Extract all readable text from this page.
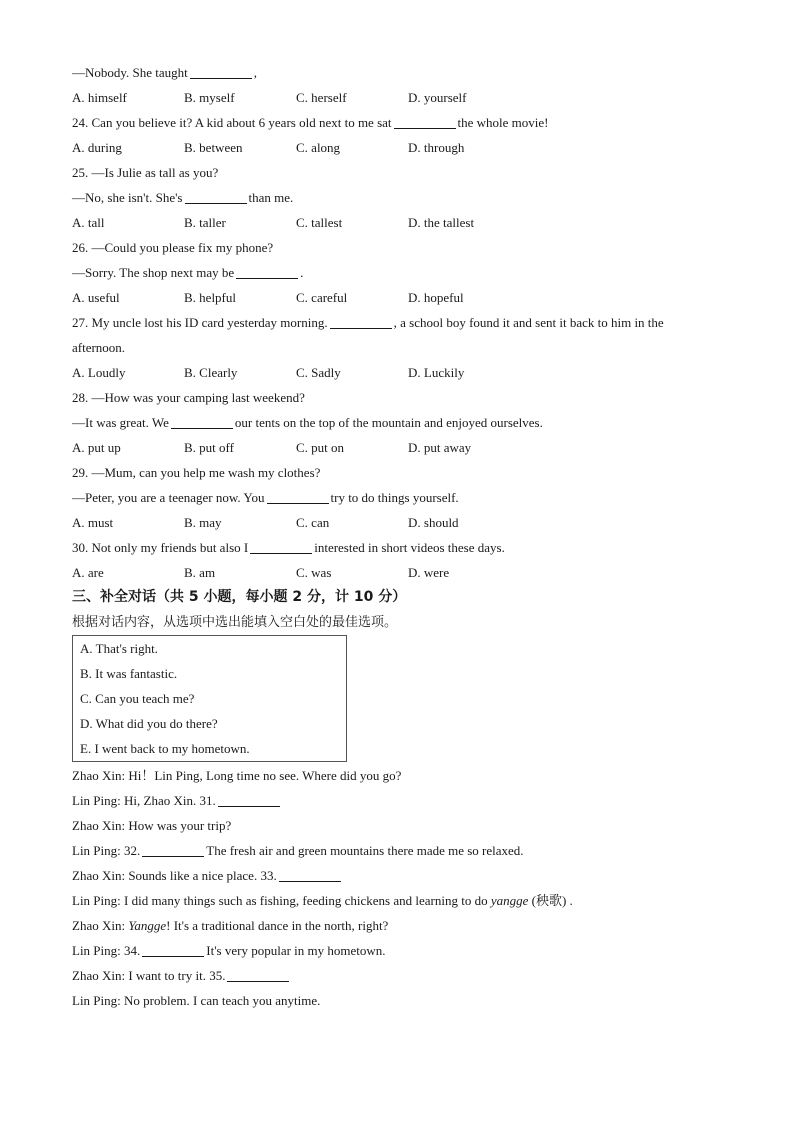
—Nobody. She taught	,
A. himself	B. myself	C. herself	D. yourself
24. Can you believe it? A kid about 6 years old next to me sat	the whole movie!
A. during	B. between	C. along	D. through
25. —Is Julie as tall as you?
—No, she isn't. She's	than me.
A. tall	B. taller	C. tallest	D. the tallest
26. —Could you please fix my phone?
—Sorry. The shop next may be	.
A. useful	B. helpful	C. careful	D. hopeful
27. My uncle lost his ID card yesterday morning.	, a school boy found it and sent it back to him in the
afternoon.
A. Loudly	B. Clearly	C. Sadly	D. Luckily
28. —How was your camping last weekend?
—It was great. We	our tents on the top of the mountain and enjoyed ourselves.
A. put up	B. put off	C. put on	D. put away
29. —Mum, can you help me wash my clothes?
—Peter, you are a teenager now. You	try to do things yourself.
A. must	B. may	C. can	D. should
30. Not only my friends but also I	interested in short videos these days.
A. are	B. am	C. was	D. were
三、补全对话（共 5 小题，每小题 2 分，计 10 分）
根据对话内容，从选项中选出能填入空白处的最佳选项。
A. That's right.
B. It was fantastic.
C. Can you teach me?
D. What did you do there?
E. I went back to my hometown.
Zhao Xin: Hi！Lin Ping, Long time no see. Where did you go?
Lin Ping: Hi, Zhao Xin. 31.
Zhao Xin: How was your trip?
Lin Ping: 32.	The fresh air and green mountains there made me so relaxed.
Zhao Xin: Sounds like a nice place. 33.
Lin Ping: I did many things such as fishing, feeding chickens and learning to do yangge (秧歌) .
Zhao Xin: Yangge! It's a traditional dance in the north, right?
Lin Ping: 34.	It's very popular in my hometown.
Zhao Xin: I want to try it. 35.
Lin Ping: No problem. I can teach you anytime.
